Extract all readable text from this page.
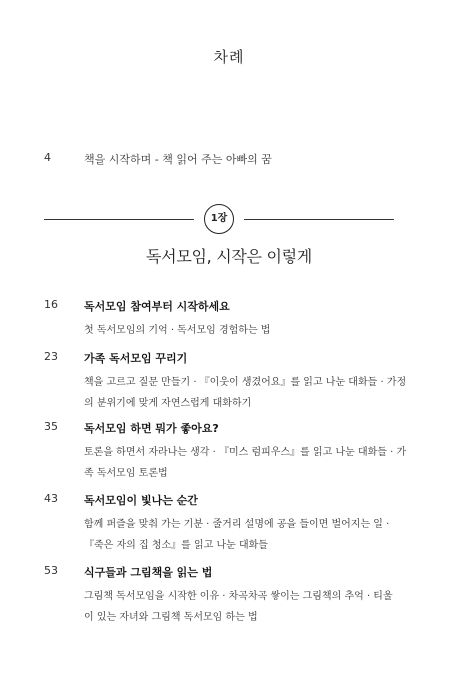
차례
4	책을 시작하며 - 책 읽어 주는 아빠의 꿈
1장
독서모임, 시작은 이렇게
16 독서모임 참여부터 시작하세요
첫 독서모임의 기억 · 독서모임 경험하는 법
23 가족 독서모임 꾸리기
책을 고르고 질문 만들기 · 『이웃이 생겼어요』를 읽고 나눈 대화들 · 가정
의 분위기에 맞게 자연스럽게 대화하기
35 독서모임 하면 뭐가 좋아요?
토론을 하면서 자라나는 생각 · 『미스 럼피우스』를 읽고 나눈 대화들 · 가
족 독서모임 토론법
43 독서모임이 빛나는 순간
함께 퍼즐을 맞춰 가는 기분 · 줄거리 설명에 공을 들이면 벌어지는 일 ·
『죽은 자의 집 청소』를 읽고 나눈 대화들
53 식구들과 그림책을 읽는 법
그림책 독서모임을 시작한 이유 · 차곡차곡 쌓이는 그림책의 추억 · 티울
이 있는 자녀와 그림책 독서모임 하는 법
